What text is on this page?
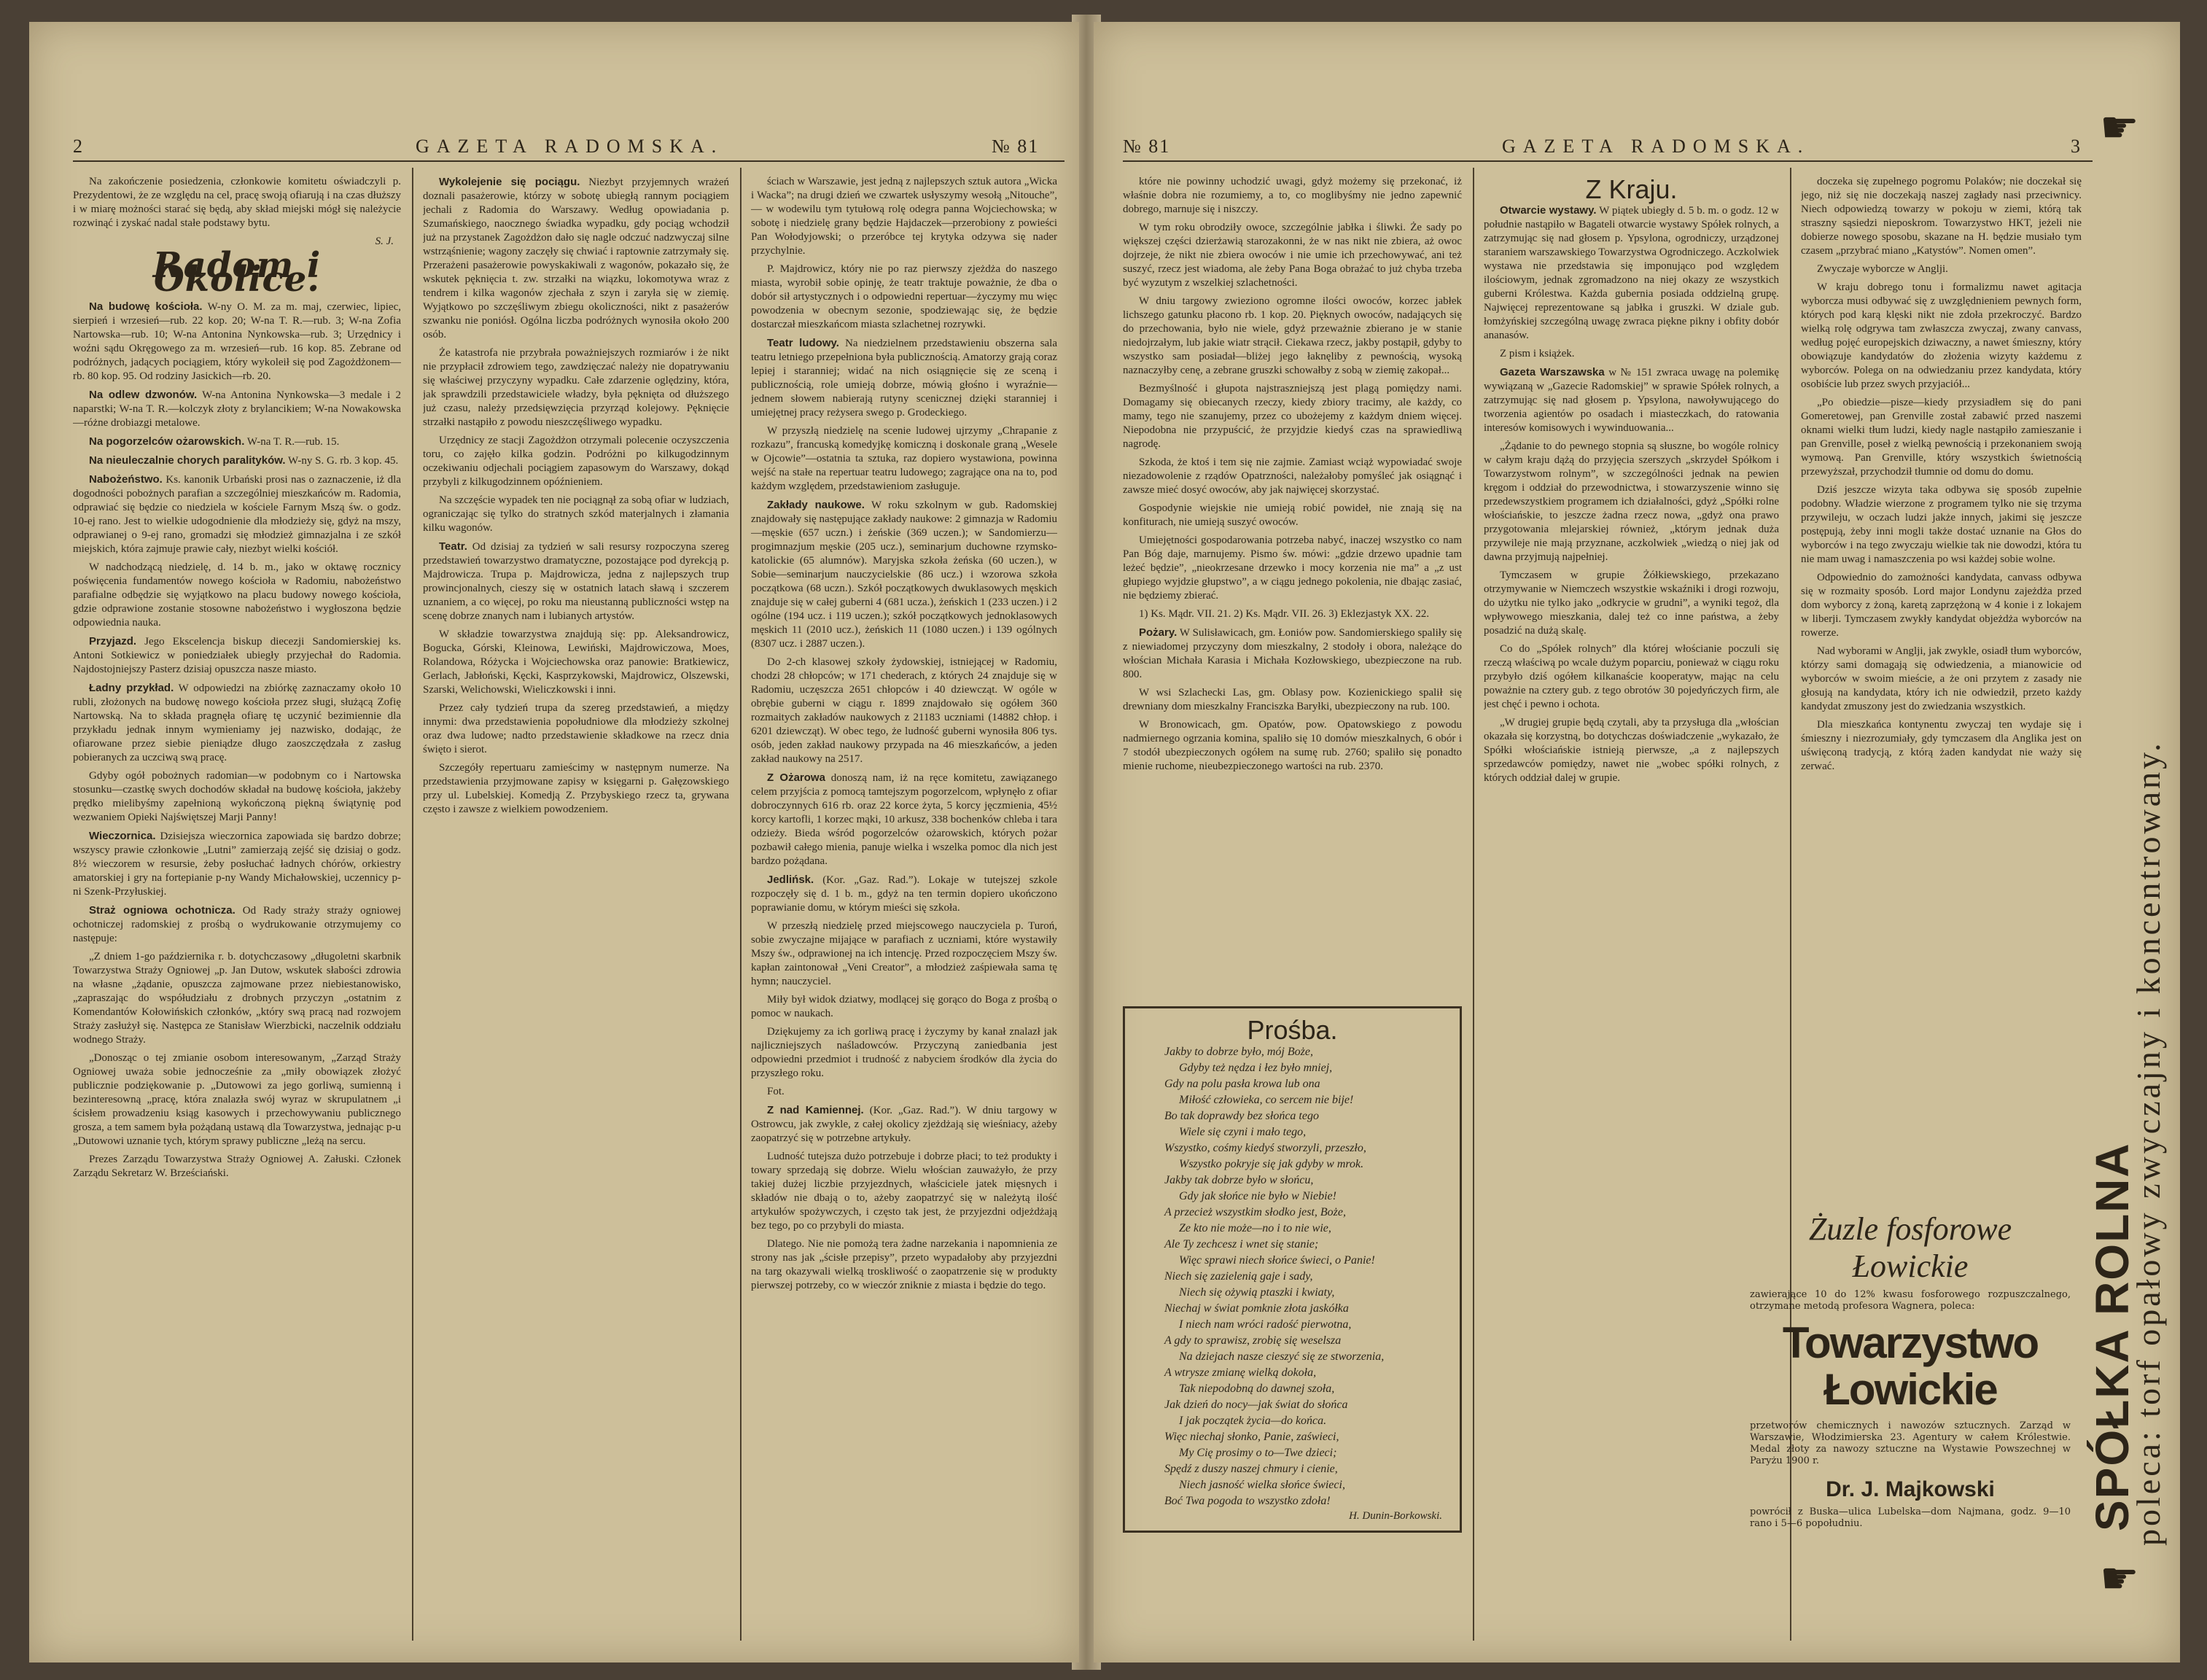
2	GAZETA RADOMSKA.	№ 81

Na zakończenie posiedzenia, członkowie komitetu oświadczyli p. Prezydentowi, że ze względu na cel, pracę swoją ofiarują i na czas dłuższy i w miarę możności starać się będą, aby skład miejski mógł się należycie rozwinąć i zyskać nadal stałe podstawy bytu.

S. J.
Radom i Okolice.

Na budowę kościoła. W-ny O. M. za m. maj, czerwiec, lipiec, sierpień i wrzesień—rub. 22 kop. 20; W-na T. R.—rub. 3; W-na Zofia Nartowska—rub. 10; W-na Antonina Nynkowska—rub. 3; Urzędnicy i woźni sądu Okręgowego za m. wrzesień—rub. 16 kop. 85. Zebrane od podróżnych, jadących pociągiem, który wykoleił się pod Zagożdżonem—rb. 80 kop. 95. Od rodziny Jasickich—rb. 20.

Na odlew dzwonów. W-na Antonina Nynkowska—3 medale i 2 naparstki; W-na T. R.—kolczyk złoty z brylancikiem; W-na Nowakowska—różne drobiazgi metalowe.

Na pogorzelców ożarowskich. W-na T. R.—rub. 15.

Na nieuleczalnie chorych paralityków. W-ny S. G. rb. 3 kop. 45.

Nabożeństwo. Ks. kanonik Urbański prosi nas o zaznaczenie, iż dla dogodności pobożnych parafian a szczególniej mieszkańców m. Radomia, odprawiać się będzie co niedziela w kościele Farnym Mszą św. o godz. 10-ej rano. Jest to wielkie udogodnienie dla młodzieży się, gdyż na mszy, odprawianej o 9-ej rano, gromadzi się młodzież gimnazjalna i ze szkół miejskich, która zajmuje prawie cały, niezbyt wielki kościół.

W nadchodzącą niedzielę, d. 14 b. m., jako w oktawę rocznicy poświęcenia fundamentów nowego kościoła w Radomiu, nabożeństwo parafialne odbędzie się wyjątkowo na placu budowy nowego kościoła, gdzie odprawione zostanie stosowne nabożeństwo i wygłoszona będzie odpowiednia nauka.

Przyjazd. Jego Ekscelencja biskup diecezji Sandomierskiej ks. Antoni Sotkiewicz w poniedziałek ubiegły przyjechał do Radomia. Najdostojniejszy Pasterz dzisiaj opuszcza nasze miasto.

Ładny przykład. W odpowiedzi na zbiórkę zaznaczamy około 10 rubli, złożonych na budowę nowego kościoła przez sługi, służącą Zofię Nartowską. Na to składa pragnęła ofiarę tę uczynić bezimiennie dla przykładu jednak innym wymieniamy jej nazwisko, dodając, że ofiarowane przez siebie pieniądze długo zaoszczędzała z zasług pobieranych za uczciwą swą pracę.

Gdyby ogół pobożnych radomian—w podobnym co i Nartowska stosunku—czastkę swych dochodów składał na budowę kościoła, jakżeby prędko mielibyśmy zapełnioną wykończoną piękną świątynię pod wezwaniem Opieki Najświętszej Marji Panny!

Wieczornica. Dzisiejsza wieczornica zapowiada się bardzo dobrze; wszyscy prawie członkowie „Lutni” zamierzają zejść się dzisiaj o godz. 8½ wieczorem w resursie, żeby posłuchać ładnych chórów, orkiestry amatorskiej i gry na fortepianie p-ny Wandy Michałowskiej, uczennicy p-ni Szenk-Przyłuskiej.

Straż ogniowa ochotnicza. Od Rady straży straży ogniowej ochotniczej radomskiej z prośbą o wydrukowanie otrzymujemy co następuje:

„Z dniem 1-go października r. b. dotychczasowy „długoletni skarbnik Towarzystwa Straży Ogniowej „p. Jan Dutow, wskutek słabości zdrowia na własne „żądanie, opuszcza zajmowane przez niebiestanowisko, „zapraszając do współudziału z drobnych przyczyn „ostatnim z Komendantów Kołowińskich członków, „który swą pracą nad rozwojem Straży zasłużył się. Następca ze Stanisław Wierzbicki, naczelnik oddziału wodnego Straży.

„Donosząc o tej zmianie osobom interesowanym, „Zarząd Straży Ogniowej uważa sobie jednocześnie za „miły obowiązek złożyć publicznie podziękowanie p. „Dutowowi za jego gorliwą, sumienną i bezinteresowną „pracę, która znalazła swój wyraz w skrupulatnem „i ścisłem prowadzeniu ksiąg kasowych i przechowywaniu publicznego grosza, a tem samem była pożądaną ustawą dla Towarzystwa, jednając p-u „Dutowowi uznanie tych, którym sprawy publiczne „leżą na sercu.

Prezes Zarządu Towarzystwa Straży Ogniowej A. Załuski. Członek Zarządu Sekretarz W. Brześciański.

Wykolejenie się pociągu. Niezbyt przyjemnych wrażeń doznali pasażerowie, którzy w sobotę ubiegłą rannym pociągiem jechali z Radomia do Warszawy. Według opowiadania p. Szumańskiego, naocznego świadka wypadku, gdy pociąg wchodził już na przystanek Zagożdżon dało się nagle odczuć nadzwyczaj silne wstrząśnienie; wagony zaczęły się chwiać i raptownie zatrzymały się. Przerażeni pasażerowie powyskakiwali z wagonów, pokazało się, że wskutek pęknięcia t. zw. strzałki na wiązku, lokomotywa wraz z tendrem i kilka wagonów zjechała z szyn i zaryła się w ziemię. Wyjątkowo po szczęśliwym zbiegu okoliczności, nikt z pasażerów szwanku nie poniósł. Ogólna liczba podróżnych wynosiła około 200 osób.

Że katastrofa nie przybrała poważniejszych rozmiarów i że nikt nie przypłacił zdrowiem tego, zawdzięczać należy nie dopatrywaniu się właściwej przyczyny wypadku. Całe zdarzenie oględziny, która, jak sprawdzili przedstawiciele władzy, była pęknięta od dłuższego już czasu, należy przedsięwzięcia przyrząd kolejowy. Pęknięcie strzałki nastąpiło z powodu nieszczęśliwego wypadku.

Urzędnicy ze stacji Zagożdżon otrzymali polecenie oczyszczenia toru, co zajęło kilka godzin. Podróżni po kilkugodzinnym oczekiwaniu odjechali pociągiem zapasowym do Warszawy, dokąd przybyli z kilkugodzinnem opóźnieniem.

Na szczęście wypadek ten nie pociągnął za sobą ofiar w ludziach, ograniczając się tylko do stratnych szkód materjalnych i złamania kilku wagonów.

Teatr. Od dzisiaj za tydzień w sali resursy rozpoczyna szereg przedstawień towarzystwo dramatyczne, pozostające pod dyrekcją p. Majdrowicza. Trupa p. Majdrowicza, jedna z najlepszych trup prowincjonalnych, cieszy się w ostatnich latach sławą i szczerem uznaniem, a co więcej, po roku ma nieustanną publiczności wstęp na scenę dobrze znanych nam i lubianych artystów.

W składzie towarzystwa znajdują się: pp. Aleksandrowicz, Bogucka, Górski, Kleinowa, Lewiński, Majdrowiczowa, Moes, Rolandowa, Różycka i Wojciechowska oraz panowie: Bratkiewicz, Gerlach, Jabłoński, Kęcki, Kasprzykowski, Majdrowicz, Olszewski, Szarski, Welichowski, Wieliczkowski i inni.

Przez cały tydzień trupa da szereg przedstawień, a między innymi: dwa przedstawienia popołudniowe dla młodzieży szkolnej oraz dwa ludowe; nadto przedstawienie składkowe na rzecz dnia święto i sierot.

Szczegóły repertuaru zamieścimy w następnym numerze. Na przedstawienia przyjmowane zapisy w księgarni p. Gałęzowskiego przy ul. Lubelskiej. Komedją Z. Przybyskiego rzecz ta, grywana często i zawsze z wielkiem powodzeniem.

ściach w Warszawie, jest jedną z najlepszych sztuk autora „Wicka i Wacka”; na drugi dzień we czwartek usłyszymy wesołą „Nitouche”, — w wodewilu tym tytułową rolę odegra panna Wojciechowska; w sobotę i niedzielę grany będzie Hajdaczek—przerobiony z powieści Pan Wołodyjowski; o przeróbce tej krytyka odzywa się nader przychylnie.

P. Majdrowicz, który nie po raz pierwszy zjeżdża do naszego miasta, wyrobił sobie opinję, że teatr traktuje poważnie, że dba o dobór sił artystycznych i o odpowiedni repertuar—życzymy mu więc powodzenia w obecnym sezonie, spodziewając się, że będzie dostarczał mieszkańcom miasta szlachetnej rozrywki.

Teatr ludowy. Na niedzielnem przedstawieniu obszerna sala teatru letniego przepełniona była publicznością. Amatorzy grają coraz lepiej i staranniej; widać na nich osiągnięcie się ze sceną i publicznością, role umieją dobrze, mówią głośno i wyraźnie—jednem słowem nabierają rutyny scenicznej dzięki staranniej i umiejętnej pracy reżysera swego p. Grodeckiego.

W przyszłą niedzielę na scenie ludowej ujrzymy „Chrapanie z rozkazu”, francuską komedyjkę komiczną i doskonale graną „Wesele w Ojcowie”—ostatnia ta sztuka, raz dopiero wystawiona, powinna wejść na stałe na repertuar teatru ludowego; zagrające ona na to, pod każdym względem, przedstawieniom zasługuje.

Zakłady naukowe. W roku szkolnym w gub. Radomskiej znajdowały się następujące zakłady naukowe: 2 gimnazja w Radomiu—męskie (657 uczn.) i żeńskie (369 uczen.); w Sandomierzu—progimnazjum męskie (205 ucz.), seminarjum duchowne rzymsko-katolickie (65 alumnów). Maryjska szkoła żeńska (60 uczen.), w Sobie—seminarjum nauczycielskie (86 ucz.) i wzorowa szkoła początkowa (68 uczn.). Szkół początkowych dwuklasowych męskich znajduje się w całej guberni 4 (681 ucza.), żeńskich 1 (233 uczen.) i 2 ogólne (194 ucz. i 119 uczen.); szkół początkowych jednoklasowych męskich 11 (2010 ucz.), żeńskich 11 (1080 uczen.) i 139 ogólnych (8307 ucz. i 2887 uczen.).

Do 2-ch klasowej szkoły żydowskiej, istniejącej w Radomiu, chodzi 28 chłopców; w 171 chederach, z których 24 znajduje się w Radomiu, uczęszcza 2651 chłopców i 40 dziewcząt. W ogóle w obrębie guberni w ciągu r. 1899 znajdowało się ogółem 360 rozmaitych zakładów naukowych z 21183 uczniami (14882 chłop. i 6201 dziewcząt). W obec tego, że ludność guberni wynosiła 806 tys. osób, jeden zakład naukowy przypada na 46 mieszkańców, a jeden zakład naukowy na 2517.

Z Ożarowa donoszą nam, iż na ręce komitetu, zawiązanego celem przyjścia z pomocą tamtejszym pogorzelcom, wpłynęło z ofiar dobroczynnych 616 rb. oraz 22 korce żyta, 5 korcy jęczmienia, 45½ korcy kartofli, 1 korzec mąki, 10 arkusz, 338 bochenków chleba i tara odzieży. Bieda wśród pogorzelców ożarowskich, których pożar pozbawił całego mienia, panuje wielka i wszelka pomoc dla nich jest bardzo pożądana.

Jedlińsk. (Kor. „Gaz. Rad.”). Lokaje w tutejszej szkole rozpoczęły się d. 1 b. m., gdyż na ten termin dopiero ukończono poprawianie domu, w którym mieści się szkoła.

W przeszłą niedzielę przed miejscowego nauczyciela p. Turoń, sobie zwyczajne mijające w parafiach z uczniami, które wystawiły Mszy św., odprawionej na ich intencję. Przed rozpoczęciem Mszy św. kapłan zaintonował „Veni Creator”, a młodzież zaśpiewała sama tę hymn; nauczyciel.

Miły był widok dziatwy, modlącej się gorąco do Boga z prośbą o pomoc w naukach.

Dziękujemy za ich gorliwą pracę i życzymy by kanał znalazł jak najliczniejszych naśladowców. Przyczyną zaniedbania jest odpowiedni przedmiot i trudność z nabyciem środków dla życia do przyszłego roku.

Fot.

Z nad Kamiennej. (Kor. „Gaz. Rad.”). W dniu targowy w Ostrowcu, jak zwykle, z całej okolicy zjeżdżają się wieśniacy, ażeby zaopatrzyć się w potrzebne artykuły.

Ludność tutejsza dużo potrzebuje i dobrze płaci; to też produkty i towary sprzedają się dobrze. Wielu włościan zauważyło, że przy takiej dużej liczbie przyjezdnych, właściciele jatek mięsnych i składów nie dbają o to, ażeby zaopatrzyć się w należytą ilość artykułów spożywczych, i często tak jest, że przyjezdni odjeżdżają bez tego, po co przybyli do miasta.

Dlatego. Nie nie pomożą tera żadne narzekania i napomnienia ze strony nas jak „ścisłe przepisy”, przeto wypadałoby aby przyjezdni na targ okazywali wielką troskliwość o zaopatrzenie się w produkty pierwszej potrzeby, co w wieczór zniknie z miasta i będzie do tego.

№ 81	GAZETA RADOMSKA.	3

które nie powinny uchodzić uwagi, gdyż możemy się przekonać, iż właśnie dobra nie rozumiemy, a to, co moglibyśmy nie jedno zapewnić dobrego, marnuje się i niszczy.

W tym roku obrodziły owoce, szczególnie jabłka i śliwki. Że sady po większej części dzierżawią starozakonni, że w nas nikt nie zbiera, aż owoc dojrzeje, że nikt nie zbiera owoców i nie umie ich przechowywać, ani też suszyć, rzecz jest wiadoma, ale żeby Pana Boga obrażać to już chyba trzeba być wyzutym z wszelkiej szlachetności.

W dniu targowy zwieziono ogromne ilości owoców, korzec jabłek lichszego gatunku płacono rb. 1 kop. 20. Pięknych owoców, nadających się do przechowania, było nie wiele, gdyż przeważnie zbierano je w stanie niedojrzałym, lub jakie wiatr strącił. Ciekawa rzecz, jakby postąpił, gdyby to wszystko sam posiadał—bliżej jego łaknęliby z pewnością, wysoką naznaczyłby cenę, a zebrane gruszki schowałby z sobą w ziemię zakopał...

Bezmyślność i głupota najstraszniejszą jest plagą pomiędzy nami. Domagamy się obiecanych rzeczy, kiedy zbiory tracimy, ale każdy, co mamy, tego nie szanujemy, przez co ubożejemy z każdym dniem więcej. Niepodobna nie przypuścić, że przyjdzie kiedyś czas na sprawiedliwą nagrodę.

Szkoda, że ktoś i tem się nie zajmie. Zamiast wciąż wypowiadać swoje niezadowolenie z rządów Opatrzności, należałoby pomyśleć jak osiągnąć i zawsze mieć dosyć owoców, aby jak najwięcej skorzystać.

Gospodynie wiejskie nie umieją robić powideł, nie znają się na konfiturach, nie umieją suszyć owoców.

Umiejętności gospodarowania potrzeba nabyć, inaczej wszystko co nam Pan Bóg daje, marnujemy. Pismo św. mówi: „gdzie drzewo upadnie tam leżeć będzie”, „nieokrzesane drzewko i mocy korzenia nie ma” a „z ust głupiego wyjdzie głupstwo”, a w ciągu jednego pokolenia, nie dbając zasiać, nie będziemy zbierać.

1) Ks. Mądr. VII. 21. 2) Ks. Mądr. VII. 26. 3) Eklezjastyk XX. 22.

Pożary. W Sulisławicach, gm. Łoniów pow. Sandomierskiego spaliły się z niewiadomej przyczyny dom mieszkalny, 2 stodoły i obora, należące do włościan Michała Karasia i Michała Kozłowskiego, ubezpieczone na rub. 800.

W wsi Szlachecki Las, gm. Oblasy pow. Kozienickiego spalił się drewniany dom mieszkalny Franciszka Baryłki, ubezpieczony na rub. 100.

W Bronowicach, gm. Opatów, pow. Opatowskiego z powodu nadmiernego ogrzania komina, spaliło się 10 domów mieszkalnych, 6 obór i 7 stodół ubezpieczonych ogółem na sumę rub. 2760; spaliło się ponadto mienie ruchome, nieubezpieczonego wartości na rub. 2370.

Prośba.
Jakby to dobrze było, mój Boże,
Gdyby też nędza i łez było mniej,
Gdy na polu pasła krowa lub ona
Miłość człowieka, co sercem nie bije!
Bo tak doprawdy bez słońca tego
Wiele się czyni i mało tego,
Wszystko, cośmy kiedyś stworzyli, przeszło,
Wszystko pokryje się jak gdyby w mrok.
Jakby tak dobrze było w słońcu,
Gdy jak słońce nie było w Niebie!
A przecież wszystkim słodko jest, Boże,
Ze kto nie może—no i to nie wie,
Ale Ty zechcesz i wnet się stanie;
Więc sprawi niech słońce świeci, o Panie!
Niech się zazielenią gaje i sady,
Niech się ożywią ptaszki i kwiaty,
Niechaj w świat pomknie złota jaskółka
I niech nam wróci radość pierwotna,
A gdy to sprawisz, zrobię się weselsza
Na dziejach nasze cieszyć się ze stworzenia,
A wtrysze zmianę wielką dokoła,
Tak niepodobną do dawnej szoła,
Jak dzień do nocy—jak świat do słońca
I jak początek życia—do końca.
Więc niechaj słonko, Panie, zaświeci,
My Cię prosimy o to—Twe dzieci;
Spędź z duszy naszej chmury i cienie,
Niech jasność wielka słońce świeci,
Boć Twa pogoda to wszystko zdoła!
H. Dunin-Borkowski.
Z Kraju.

Otwarcie wystawy. W piątek ubiegły d. 5 b. m. o godz. 12 w południe nastąpiło w Bagateli otwarcie wystawy Spółek rolnych, a zatrzymując się nad głosem p. Ypsylona, ogrodniczy, urządzonej staraniem warszawskiego Towarzystwa Ogrodniczego. Aczkolwiek wystawa nie przedstawia się imponująco pod względem ilościowym, jednak zgromadzono na niej okazy ze wszystkich guberni Królestwa. Każda gubernia posiada oddzielną grupę. Najwięcej reprezentowane są jabłka i gruszki. W dziale gub. łomżyńskiej szczególną uwagę zwraca piękne pikny i obfity dobór ananasów.

Z pism i książek.

Gazeta Warszawska w № 151 zwraca uwagę na polemikę wywiązaną w „Gazecie Radomskiej” w sprawie Spółek rolnych, a zatrzymując się nad głosem p. Ypsylona, nawoływującego do tworzenia agientów po osadach i miasteczkach, do ratowania interesów komisowych i wywinduowania...

„Żądanie to do pewnego stopnia są słuszne, bo wogóle rolnicy w całym kraju dążą do przyjęcia szerszych „skrzydeł Spółkom i Towarzystwom rolnym”, w szczególności jednak na pewien kręgom i oddział do przewodnictwa, i stowarzyszenie winno się przedewszystkiem programem ich działalności, gdyż „Spółki rolne włościańskie, to jeszcze żadna rzecz nowa, „gdyż ona prawo przygotowania mlejarskiej również, „którym jednak duża przywileje nie mają przyznane, aczkolwiek „wiedzą o niej jak od dawna przyjmują najpełniej.

Tymczasem w grupie Żółkiewskiego, przekazano otrzymywanie w Niemczech wszystkie wskaźniki i drogi rozwoju, do użytku nie tylko jako „odkrycie w grudni”, a wyniki tegoż, dla wpływowego mieszkania, dalej też co inne państwa, a żeby posadzić na dużą skalę.

Co do „Spółek rolnych” dla której włościanie poczuli się rzeczą właściwą po wcale dużym poparciu, ponieważ w ciągu roku przybyło dziś ogółem kilkanaście kooperatyw, mając na celu poważnie na cztery gub. z tego obrotów 30 pojedyńczych firm, ale jest chęć i pewno i ochota.

„W drugiej grupie będą czytali, aby ta przysługa dla „włościan okazała się korzystną, bo dotychczas doświadczenie „wykazało, że Spółki włościańskie istnieją pierwsze, „a z najlepszych sprzedawców pomiędzy, nawet nie „wobec spółki rolnych, z których oddział dalej w grupie.

doczeka się zupełnego pogromu Polaków; nie doczekał się jego, niż się nie doczekają naszej zagłady nasi przeciwnicy. Niech odpowiedzą towarzy w pokoju w ziemi, którą tak straszny sąsiedzi nieposkrom. Towarzystwo HKT, jeżeli nie dobierze nowego sposobu, skazane na H. będzie musiało tym czasem „przybrać miano „Katystów”. Nomen omen”.

Zwyczaje wyborcze w Anglji.

W kraju dobrego tonu i formalizmu nawet agitacja wyborcza musi odbywać się z uwzględnieniem pewnych form, których pod karą klęski nikt nie zdoła przekroczyć. Bardzo wielką rolę odgrywa tam zwłaszcza zwyczaj, zwany canvass, według pojęć europejskich dziwaczny, a nawet śmieszny, który obowiązuje kandydatów do złożenia wizyty każdemu z wyborców. Polega on na odwiedzaniu przez kandydata, który osobiście lub przez swych przyjaciół...

„Po obiedzie—pisze—kiedy przysiadłem się do pani Gomeretowej, pan Grenville został zabawić przed naszemi oknami wielki tłum ludzi, kiedy nagle nastąpiło zamieszanie i pan Grenville, poseł z wielką pewnością i przekonaniem swoją wymową. Pan Grenville, który wszystkich świetnością przewyższał, przychodził tłumnie od domu do domu.

Dziś jeszcze wizyta taka odbywa się sposób zupełnie podobny. Władzie wierzone z programem tylko nie się trzyma przywileju, w oczach ludzi jakże innych, jakimi się jeszcze postępują, żeby inni mogli także dostać uznanie na Głos do wyborców i na tego zwyczaju wielkie tak nie dowodzi, która tu nie mam uwag i namaszczenia po wsi każdej sobie wolne.

Odpowiednio do zamożności kandydata, canvass odbywa się w rozmaity sposób. Lord major Londynu zajeżdża przed dom wyborcy z żoną, karetą zaprzężoną w 4 konie i z lokajem w liberji. Tymczasem zwykły kandydat objeżdża wyborców na rowerze.

Nad wyborami w Anglji, jak zwykle, osiadł tłum wyborców, którzy sami domagają się odwiedzenia, a mianowicie od wyborców w swoim mieście, a że oni przytem z zasady nie głosują na kandydata, który ich nie odwiedził, przeto każdy kandydat zmuszony jest do zwiedzania wszystkich.

Dla mieszkańca kontynentu zwyczaj ten wydaje się i śmieszny i niezrozumiały, gdy tymczasem dla Anglika jest on uświęconą tradycją, z którą żaden kandydat nie waży się zerwać.

Żuzle fosforowe Łowickie
zawierające 10 do 12% kwasu fosforowego rozpuszczalnego, otrzymane metodą profesora Wagnera, poleca:
Towarzystwo Łowickie
przetworów chemicznych i nawozów sztucznych. Zarząd w Warszawie, Włodzimierska 23. Agentury w całem Królestwie. Medal złoty za nawozy sztuczne na Wystawie Powszechnej w Paryżu 1900 r.
Dr. J. Majkowski
powrócił z Buska—ulica Lubelska—dom Najmana, godz. 9—10 rano i 5—6 popołudniu.
☛
SPÓŁKA ROLNA
poleca: torf opałowy zwyczajny i koncentrowany.
☛
